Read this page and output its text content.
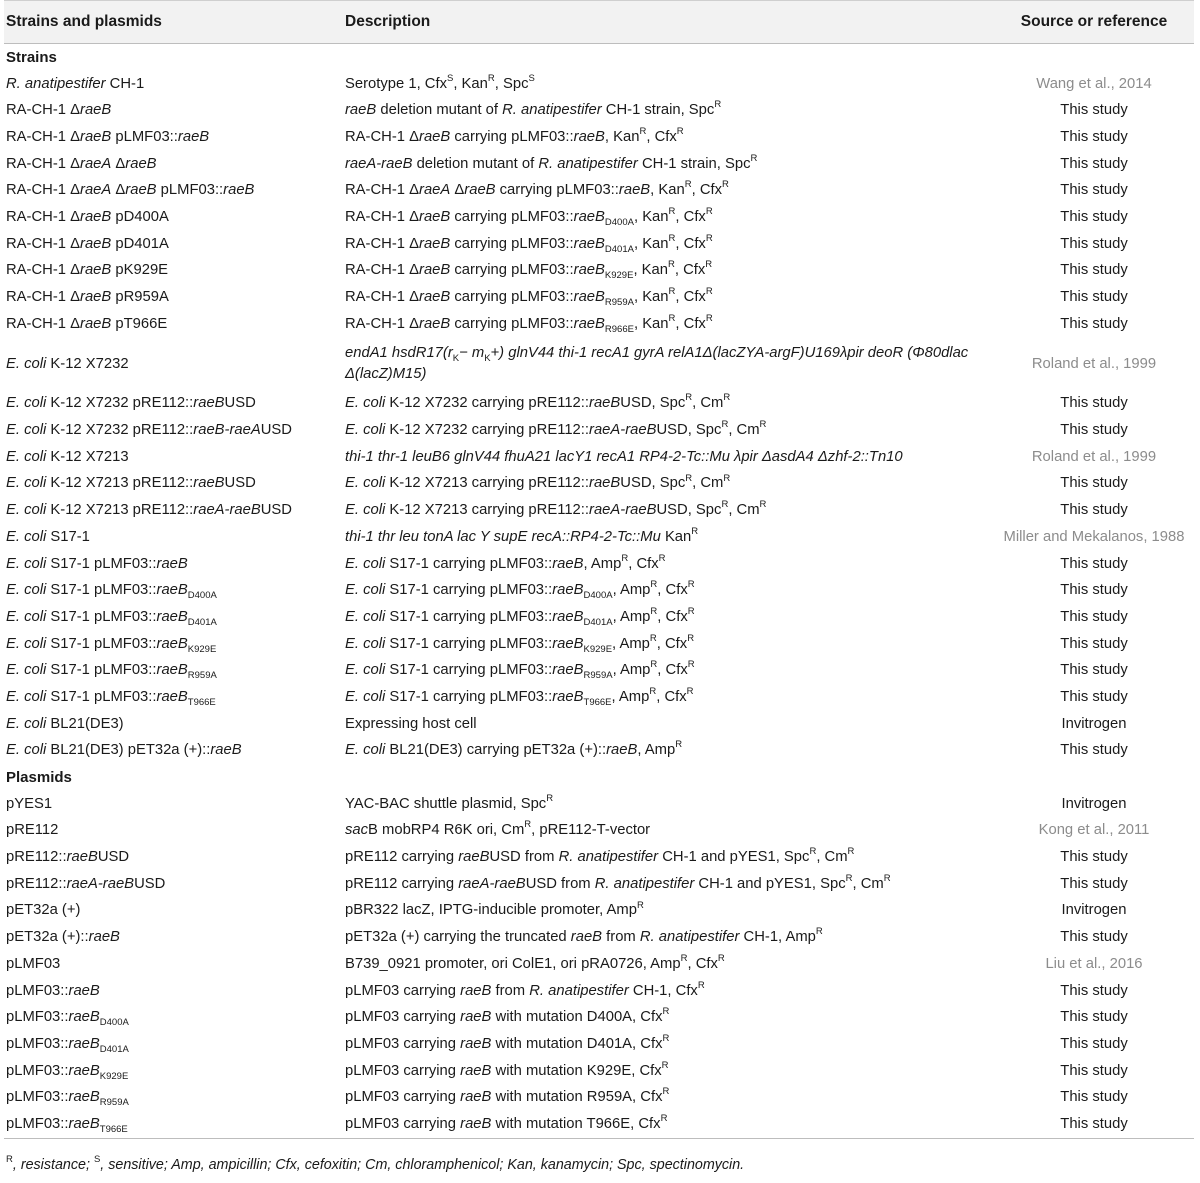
Strains and plasmids	Description	Source or reference
Strains		
R. anatipestifer CH-1	Serotype 1, Cfx$^S$, Kan$^R$, Spc$^S$	Wang et al., 2014
RA-CH-1 ΔraeB	raeB deletion mutant of R. anatipestifer CH-1 strain, Spc$^R$	This study
RA-CH-1 ΔraeB pLMF03::raeB	RA-CH-1 ΔraeB carrying pLMF03::raeB, Kan$^R$, Cfx$^R$	This study
RA-CH-1 ΔraeA ΔraeB	raeA-raeB deletion mutant of R. anatipestifer CH-1 strain, Spc$^R$	This study
RA-CH-1 ΔraeA ΔraeB pLMF03::raeB	RA-CH-1 ΔraeA ΔraeB carrying pLMF03::raeB, Kan$^R$, Cfx$^R$	This study
RA-CH-1 ΔraeB pD400A	RA-CH-1 ΔraeB carrying pLMF03::raeB$_{D400A}$, Kan$^R$, Cfx$^R$	This study
RA-CH-1 ΔraeB pD401A	RA-CH-1 ΔraeB carrying pLMF03::raeB$_{D401A}$, Kan$^R$, Cfx$^R$	This study
RA-CH-1 ΔraeB pK929E	RA-CH-1 ΔraeB carrying pLMF03::raeB$_{K929E}$, Kan$^R$, Cfx$^R$	This study
RA-CH-1 ΔraeB pR959A	RA-CH-1 ΔraeB carrying pLMF03::raeB$_{R959A}$, Kan$^R$, Cfx$^R$	This study
RA-CH-1 ΔraeB pT966E	RA-CH-1 ΔraeB carrying pLMF03::raeB$_{R966E}$, Kan$^R$, Cfx$^R$	This study
E. coli K-12 X7232	endA1 $hsdR17(r_K- m_K+)$ glnV44 thi-1 recA1 gyrA relA1Δ(lacZYA-argF)U169λpir deoR (Φ80dlac Δ(lacZ)M15)	Roland et al., 1999
E. coli K-12 X7232 pRE112::raeBUSD	E. coli K-12 X7232 carrying pRE112::raeBUSD, Spc$^R$, $Cm^R$	This study
E. coli K-12 X7232 pRE112::raeB-raeAUSD	E. coli K-12 X7232 carrying pRE112::raeA-raeBUSD, Spc$^R$, $Cm^R$	This study
E. coli K-12 X7213	thi-1 thr-1 leuB6 glnV44 fhuA21 lacY1 recA1 RP4-2-Tc::Mu λpir ΔasdA4 Δzhf-2::Tn10	Roland et al., 1999
E. coli K-12 X7213 pRE112::raeBUSD	E. coli K-12 X7213 carrying pRE112::raeBUSD, Spc$^R$, $Cm^R$	This study
E. coli K-12 X7213 pRE112::raeA-raeBUSD	E. coli K-12 X7213 carrying pRE112::raeA-raeBUSD, Spc$^R$, $Cm^R$	This study
E. coli S17-1	thi-1 thr leu tonA lac Y supE recA::RP4-2-Tc::Mu Kan$^R$	Miller and Mekalanos, 1988
E. coli S17-1 pLMF03::raeB	E. coli S17-1 carrying pLMF03::raeB, Amp$^R$, Cfx$^R$	This study
E. coli S17-1 pLMF03::raeB$_{D400A}$	E. coli S17-1 carrying pLMF03::raeB$_{D400A}$, Amp$^R$, Cfx$^R$	This study
E. coli S17-1 pLMF03::raeB$_{D401A}$	E. coli S17-1 carrying pLMF03::raeB$_{D401A}$, Amp$^R$, Cfx$^R$	This study
E. coli S17-1 pLMF03::raeB$_{K929E}$	E. coli S17-1 carrying pLMF03::raeB$_{K929E}$, Amp$^R$, Cfx$^R$	This study
E. coli S17-1 pLMF03::raeB$_{R959A}$	E. coli S17-1 carrying pLMF03::raeB$_{R959A}$, Amp$^R$, Cfx$^R$	This study
E. coli S17-1 pLMF03::raeB$_{T966E}$	E. coli S17-1 carrying pLMF03::raeB$_{T966E}$, Amp$^R$, Cfx$^R$	This study
E. coli BL21(DE3)	Expressing host cell	Invitrogen
E. coli BL21(DE3) pET32a (+)::raeB	E. coli BL21(DE3) carrying pET32a (+)::raeB, Amp$^R$	This study
Plasmids		
pYES1	YAC-BAC shuttle plasmid, Spc$^R$	Invitrogen
pRE112	sacB mobRP4 R6K ori, $Cm^R$, pRE112-T-vector	Kong et al., 2011
pRE112::raeBUSD	pRE112 carrying raeBUSD from R. anatipestifer CH-1 and pYES1, Spc$^R$, $Cm^R$	This study
pRE112::raeA-raeBUSD	pRE112 carrying raeA-raeBUSD from R. anatipestifer CH-1 and pYES1, Spc$^R$, $Cm^R$	This study
pET32a (+)	pBR322 lacZ, IPTG-inducible promoter, Amp$^R$	Invitrogen
pET32a (+)::raeB	pET32a (+) carrying the truncated raeB from R. anatipestifer CH-1, Amp$^R$	This study
pLMF03	B739_0921 promoter, ori ColE1, ori pRA0726, Amp$^R$, Cfx$^R$	Liu et al., 2016
pLMF03::raeB	pLMF03 carrying raeB from R. anatipestifer CH-1, Cfx$^R$	This study
pLMF03::raeB$_{D400A}$	pLMF03 carrying raeB with mutation D400A, Cfx$^R$	This study
pLMF03::raeB$_{D401A}$	pLMF03 carrying raeB with mutation D401A, Cfx$^R$	This study
pLMF03::raeB$_{K929E}$	pLMF03 carrying raeB with mutation K929E, Cfx$^R$	This study
pLMF03::raeB$_{R959A}$	pLMF03 carrying raeB with mutation R959A, Cfx$^R$	This study
pLMF03::raeB$_{T966E}$	pLMF03 carrying raeB with mutation T966E, Cfx$^R$	This study
$^R$, resistance; $^S$, sensitive; Amp, ampicillin; Cfx, cefoxitin; Cm, chloramphenicol; Kan, kanamycin; Spc, spectinomycin.
